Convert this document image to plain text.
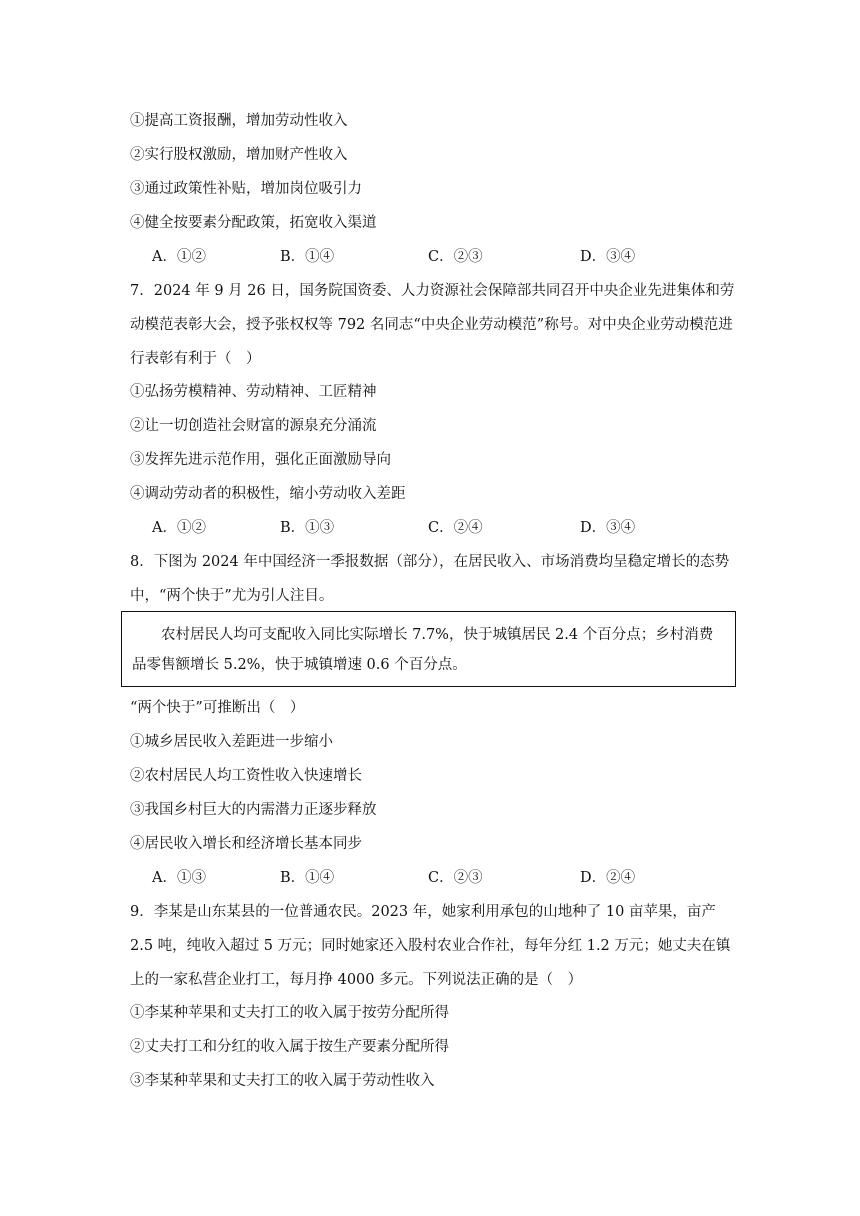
①提高工资报酬，增加劳动性收入
②实行股权激励，增加财产性收入
③通过政策性补贴，增加岗位吸引力
④健全按要素分配政策，拓宽收入渠道
A．①②	B．①④	C．②③	D．③④
7．2024 年 9 月 26 日，国务院国资委、人力资源社会保障部共同召开中央企业先进集体和劳动模范表彰大会，授予张权权等 792 名同志“中央企业劳动模范”称号。对中央企业劳动模范进行表彰有利于（　）
①弘扬劳模精神、劳动精神、工匠精神
②让一切创造社会财富的源泉充分涌流
③发挥先进示范作用，强化正面激励导向
④调动劳动者的积极性，缩小劳动收入差距
A．①②	B．①③	C．②④	D．③④
8．下图为 2024 年中国经济一季报数据（部分），在居民收入、市场消费均呈稳定增长的态势中，“两个快于”尤为引人注目。
农村居民人均可支配收入同比实际增长 7.7%，快于城镇居民 2.4 个百分点；乡村消费品零售额增长 5.2%，快于城镇增速 0.6 个百分点。
“两个快于”可推断出（　）
①城乡居民收入差距进一步缩小
②农村居民人均工资性收入快速增长
③我国乡村巨大的内需潜力正逐步释放
④居民收入增长和经济增长基本同步
A．①③	B．①④	C．②③	D．②④
9．李某是山东某县的一位普通农民。2023 年，她家利用承包的山地种了 10 亩苹果，亩产 2.5 吨，纯收入超过 5 万元；同时她家还入股村农业合作社，每年分红 1.2 万元；她丈夫在镇上的一家私营企业打工，每月挣 4000 多元。下列说法正确的是（　）
①李某种苹果和丈夫打工的收入属于按劳分配所得
②丈夫打工和分红的收入属于按生产要素分配所得
③李某种苹果和丈夫打工的收入属于劳动性收入
